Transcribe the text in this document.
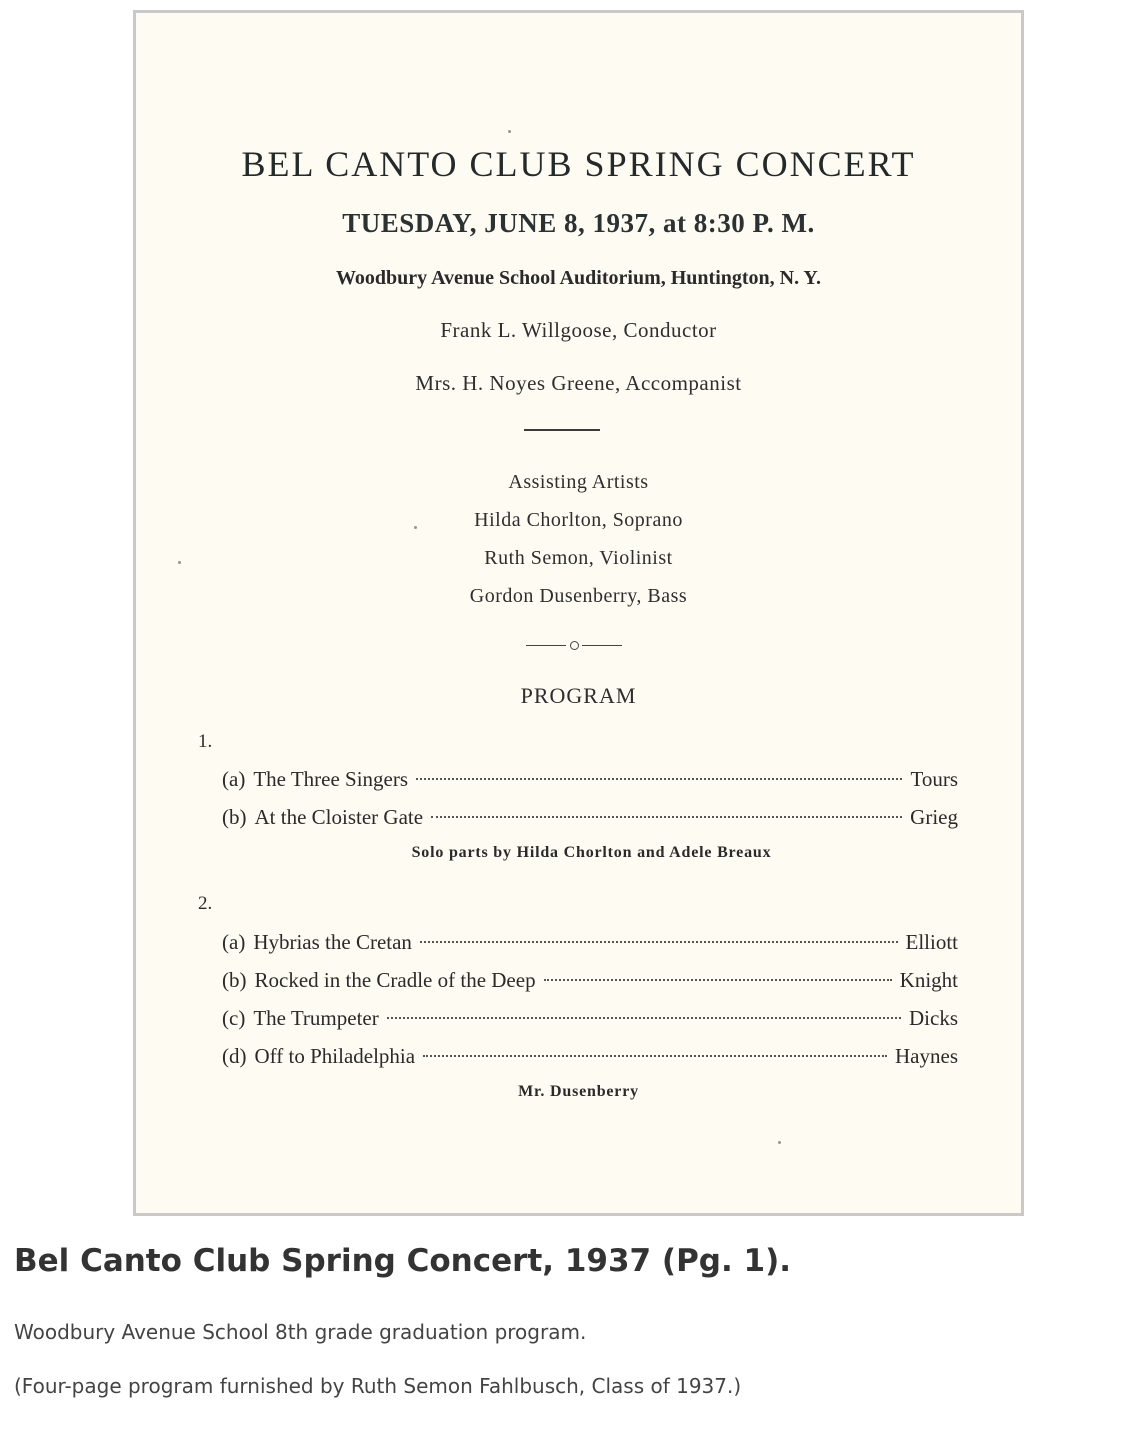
BEL CANTO CLUB SPRING CONCERT
TUESDAY, JUNE 8, 1937, at 8:30 P. M.
Woodbury Avenue School Auditorium, Huntington, N. Y.
Frank L. Willgoose, Conductor
Mrs. H. Noyes Greene, Accompanist
Assisting Artists
Hilda Chorlton, Soprano
Ruth Semon, Violinist
Gordon Dusenberry, Bass
PROGRAM
1.
(a) The Three Singers	Tours
(b) At the Cloister Gate	Grieg
Solo parts by Hilda Chorlton and Adele Breaux
2.
(a) Hybrias the Cretan	Elliott
(b) Rocked in the Cradle of the Deep	Knight
(c) The Trumpeter	Dicks
(d) Off to Philadelphia	Haynes
Mr. Dusenberry
Bel Canto Club Spring Concert, 1937 (Pg. 1).

Woodbury Avenue School 8th grade graduation program.

(Four-page program furnished by Ruth Semon Fahlbusch, Class of 1937.)
